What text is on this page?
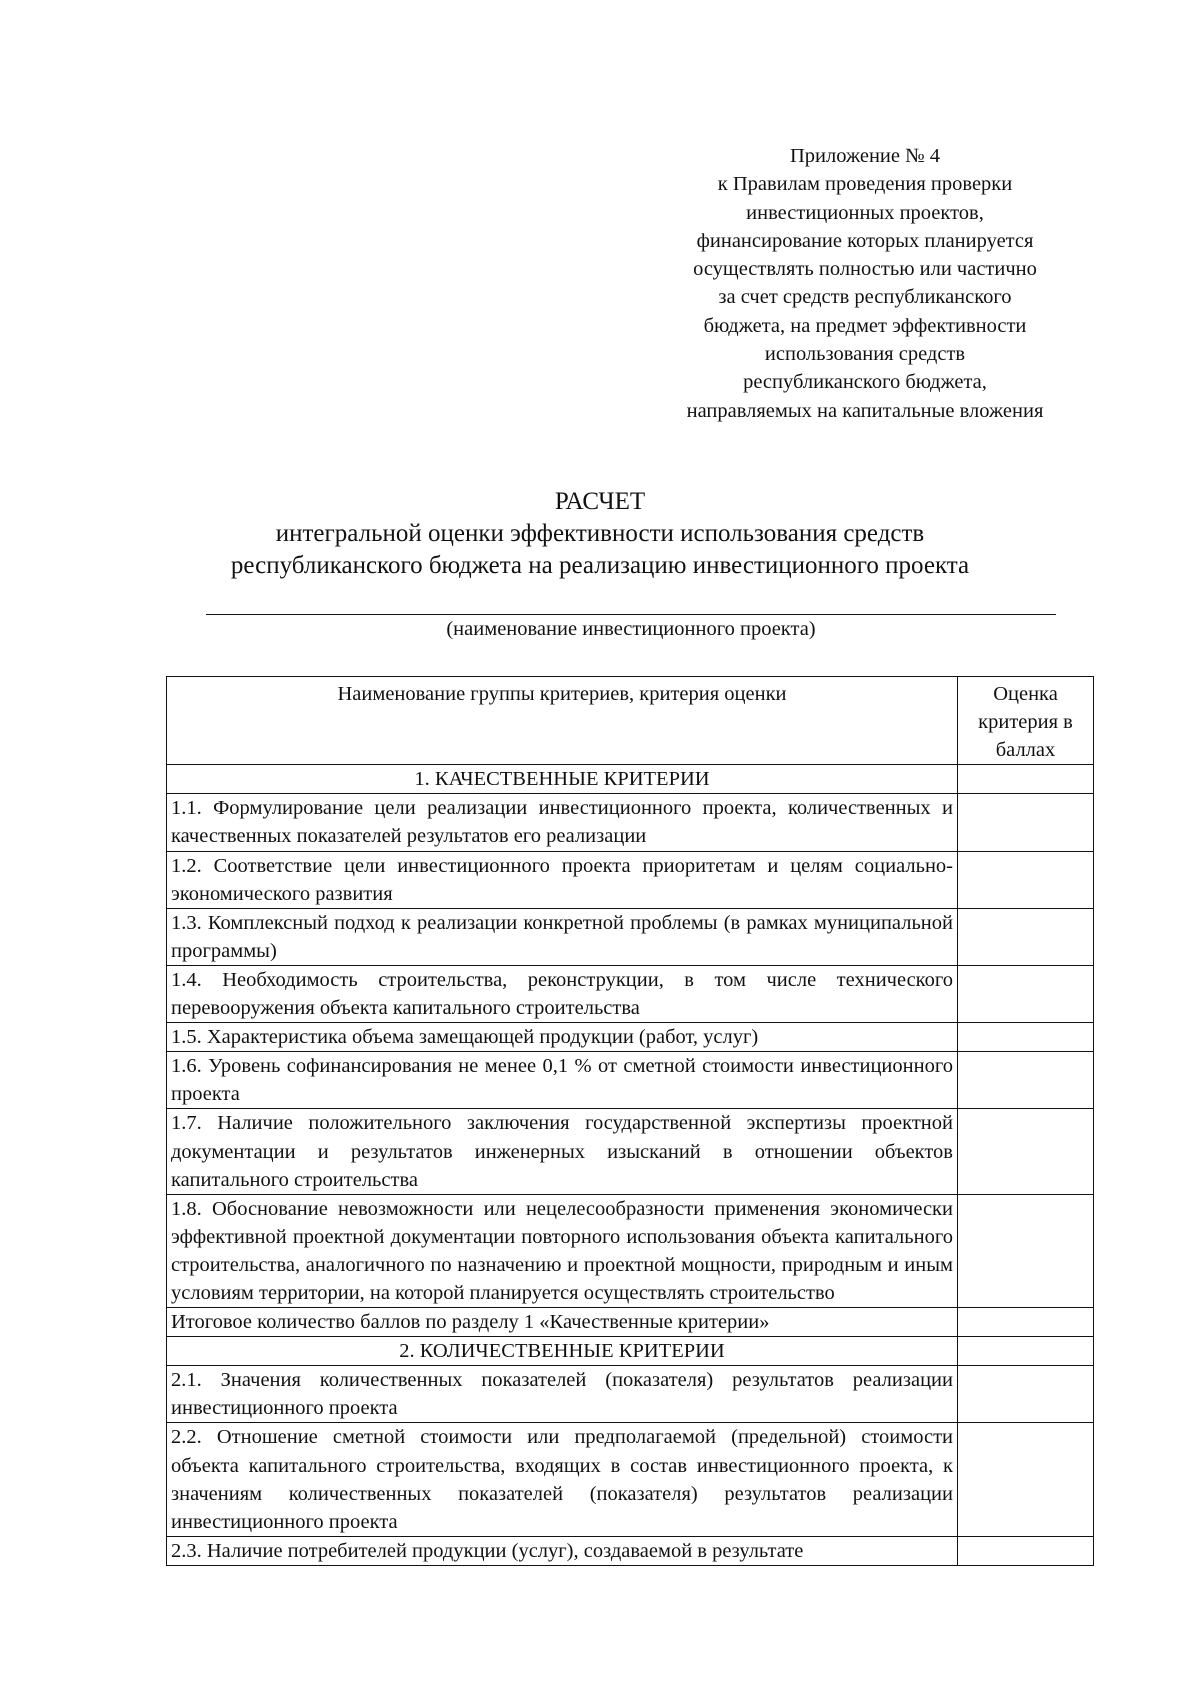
Приложение № 4
к Правилам проведения проверки
инвестиционных проектов,
финансирование которых планируется
осуществлять полностью или частично
за счет средств республиканского
бюджета, на предмет эффективности
использования средств
республиканского бюджета,
направляемых на капитальные вложения
РАСЧЕТ
интегральной оценки эффективности использования средств
республиканского бюджета на реализацию инвестиционного проекта
(наименование инвестиционного проекта)
Наименование группы критериев, критерия оценки	Оценка критерия в баллах
1. КАЧЕСТВЕННЫЕ КРИТЕРИИ	
1.1. Формулирование цели реализации инвестиционного проекта, количественных и качественных показателей результатов его реализации	
1.2. Соответствие цели инвестиционного проекта приоритетам и целям социально-экономического развития	
1.3. Комплексный подход к реализации конкретной проблемы (в рамках муниципальной программы)	
1.4. Необходимость строительства, реконструкции, в том числе технического перевооружения объекта капитального строительства	
1.5. Характеристика объема замещающей продукции (работ, услуг)	
1.6. Уровень софинансирования не менее 0,1 % от сметной стоимости инвестиционного проекта	
1.7. Наличие положительного заключения государственной экспертизы проектной документации и результатов инженерных изысканий в отношении объектов капитального строительства	
1.8. Обоснование невозможности или нецелесообразности применения экономически эффективной проектной документации повторного использования объекта капитального строительства, аналогичного по назначению и проектной мощности, природным и иным условиям территории, на которой планируется осуществлять строительство	
Итоговое количество баллов по разделу 1 «Качественные критерии»	
2. КОЛИЧЕСТВЕННЫЕ КРИТЕРИИ	
2.1. Значения количественных показателей (показателя) результатов реализации инвестиционного проекта	
2.2. Отношение сметной стоимости или предполагаемой (предельной) стоимости объекта капитального строительства, входящих в состав инвестиционного проекта, к значениям количественных показателей (показателя) результатов реализации инвестиционного проекта	
2.3. Наличие потребителей продукции (услуг), создаваемой в результате	
